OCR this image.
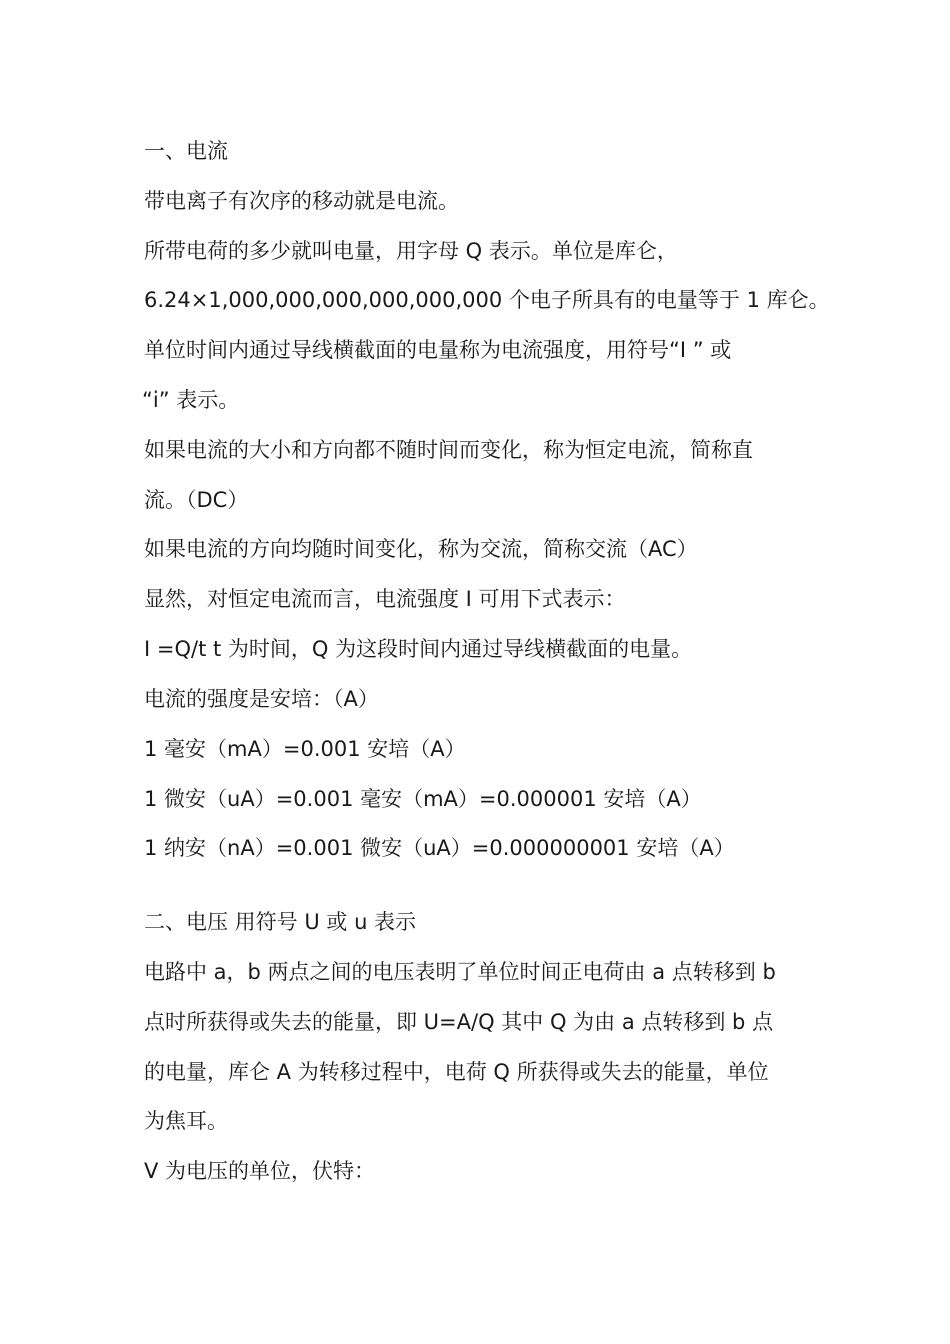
一、电流
带电离子有次序的移动就是电流。
所带电荷的多少就叫电量，用字母 Q 表示。单位是库仑，
6.24×1,000,000,000,000,000,000 个电子所具有的电量等于 1 库仑。
单位时间内通过导线横截面的电量称为电流强度，用符号“I ” 或
“i” 表示。
如果电流的大小和方向都不随时间而变化，称为恒定电流，简称直
流。（DC）
如果电流的方向均随时间变化，称为交流，简称交流（AC）
显然，对恒定电流而言，电流强度 I 可用下式表示：
I =Q/t t 为时间，Q 为这段时间内通过导线横截面的电量。
电流的强度是安培：（A）
1 毫安（mA）=0.001 安培（A）
1 微安（uA）=0.001 毫安（mA）=0.000001 安培（A）
1 纳安（nA）=0.001 微安（uA）=0.000000001 安培（A）
二、电压 用符号 U 或 u 表示
电路中 a，b 两点之间的电压表明了单位时间正电荷由 a 点转移到 b
点时所获得或失去的能量，即 U=A/Q 其中 Q 为由 a 点转移到 b 点
的电量，库仑 A 为转移过程中，电荷 Q 所获得或失去的能量，单位
为焦耳。
V 为电压的单位，伏特：
